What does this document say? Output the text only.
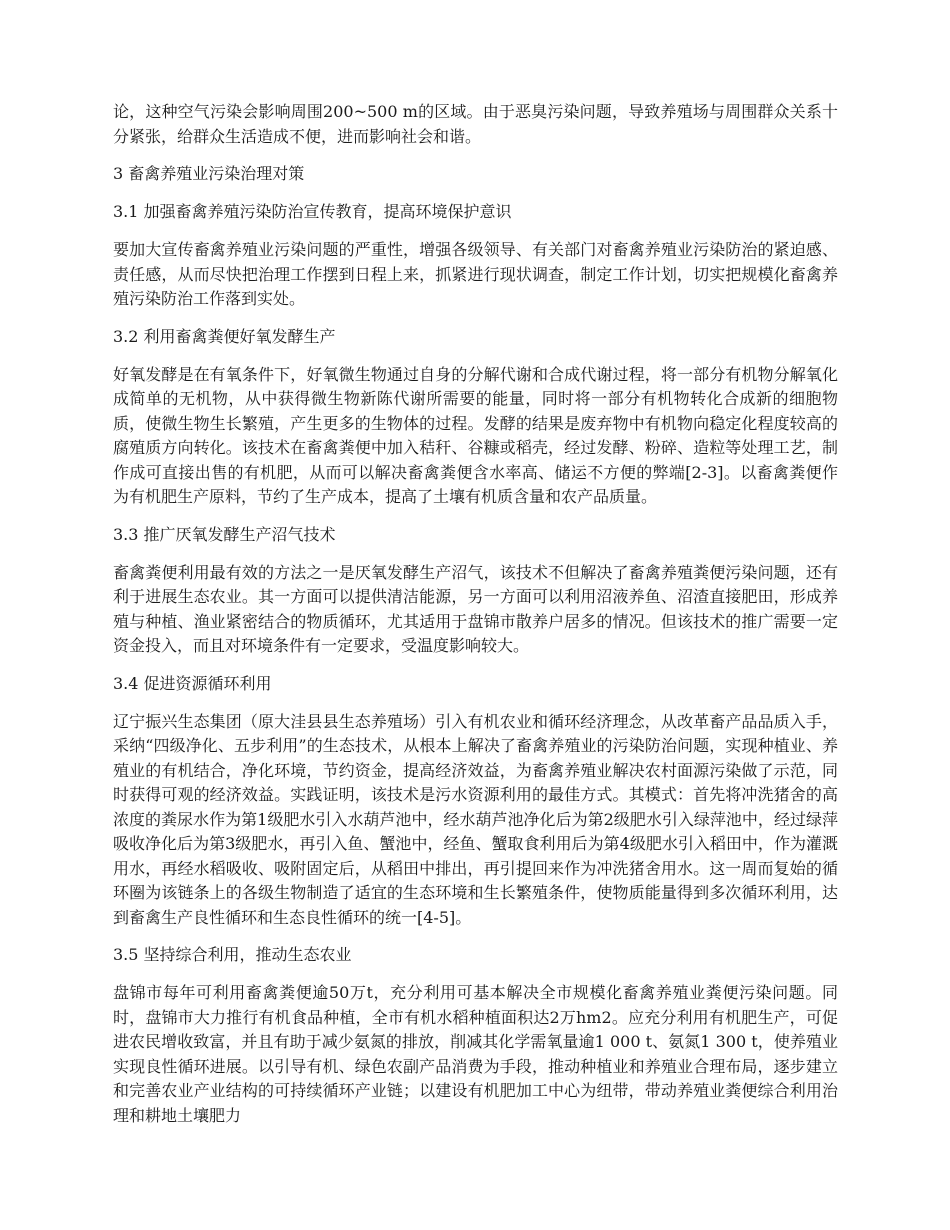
论，这种空气污染会影响周围200~500 m的区域。由于恶臭污染问题，导致养殖场与周围群众关系十分紧张，给群众生活造成不便，进而影响社会和谐。

3 畜禽养殖业污染治理对策
3.1 加强畜禽养殖污染防治宣传教育，提高环境保护意识

要加大宣传畜禽养殖业污染问题的严重性，增强各级领导、有关部门对畜禽养殖业污染防治的紧迫感、责任感，从而尽快把治理工作摆到日程上来，抓紧进行现状调查，制定工作计划，切实把规模化畜禽养殖污染防治工作落到实处。

3.2 利用畜禽粪便好氧发酵生产

好氧发酵是在有氧条件下，好氧微生物通过自身的分解代谢和合成代谢过程，将一部分有机物分解氧化成简单的无机物，从中获得微生物新陈代谢所需要的能量，同时将一部分有机物转化合成新的细胞物质，使微生物生长繁殖，产生更多的生物体的过程。发酵的结果是废弃物中有机物向稳定化程度较高的腐殖质方向转化。该技术在畜禽粪便中加入秸秆、谷糠或稻壳，经过发酵、粉碎、造粒等处理工艺，制作成可直接出售的有机肥，从而可以解决畜禽粪便含水率高、储运不方便的弊端[2-3]。以畜禽粪便作为有机肥生产原料，节约了生产成本，提高了土壤有机质含量和农产品质量。

3.3 推广厌氧发酵生产沼气技术

畜禽粪便利用最有效的方法之一是厌氧发酵生产沼气，该技术不但解决了畜禽养殖粪便污染问题，还有利于进展生态农业。其一方面可以提供清洁能源，另一方面可以利用沼液养鱼、沼渣直接肥田，形成养殖与种植、渔业紧密结合的物质循环，尤其适用于盘锦市散养户居多的情况。但该技术的推广需要一定资金投入，而且对环境条件有一定要求，受温度影响较大。

3.4 促进资源循环利用

辽宁振兴生态集团（原大洼县县生态养殖场）引入有机农业和循环经济理念，从改革畜产品品质入手，采纳“四级净化、五步利用”的生态技术，从根本上解决了畜禽养殖业的污染防治问题，实现种植业、养殖业的有机结合，净化环境，节约资金，提高经济效益，为畜禽养殖业解决农村面源污染做了示范，同时获得可观的经济效益。实践证明，该技术是污水资源利用的最佳方式。其模式：首先将冲洗猪舍的高浓度的粪尿水作为第1级肥水引入水葫芦池中，经水葫芦池净化后为第2级肥水引入绿萍池中，经过绿萍吸收净化后为第3级肥水，再引入鱼、蟹池中，经鱼、蟹取食利用后为第4级肥水引入稻田中，作为灌溉用水，再经水稻吸收、吸附固定后，从稻田中排出，再引提回来作为冲洗猪舍用水。这一周而复始的循环圈为该链条上的各级生物制造了适宜的生态环境和生长繁殖条件，使物质能量得到多次循环利用，达到畜禽生产良性循环和生态良性循环的统一[4-5]。

3.5 坚持综合利用，推动生态农业

盘锦市每年可利用畜禽粪便逾50万t，充分利用可基本解决全市规模化畜禽养殖业粪便污染问题。同时，盘锦市大力推行有机食品种植，全市有机水稻种植面积达2万hm2。应充分利用有机肥生产，可促进农民增收致富，并且有助于减少氨氮的排放，削减其化学需氧量逾1 000 t、氨氮1 300 t，使养殖业实现良性循环进展。以引导有机、绿色农副产品消费为手段，推动种植业和养殖业合理布局，逐步建立和完善农业产业结构的可持续循环产业链；以建设有机肥加工中心为纽带，带动养殖业粪便综合利用治理和耕地土壤肥力
